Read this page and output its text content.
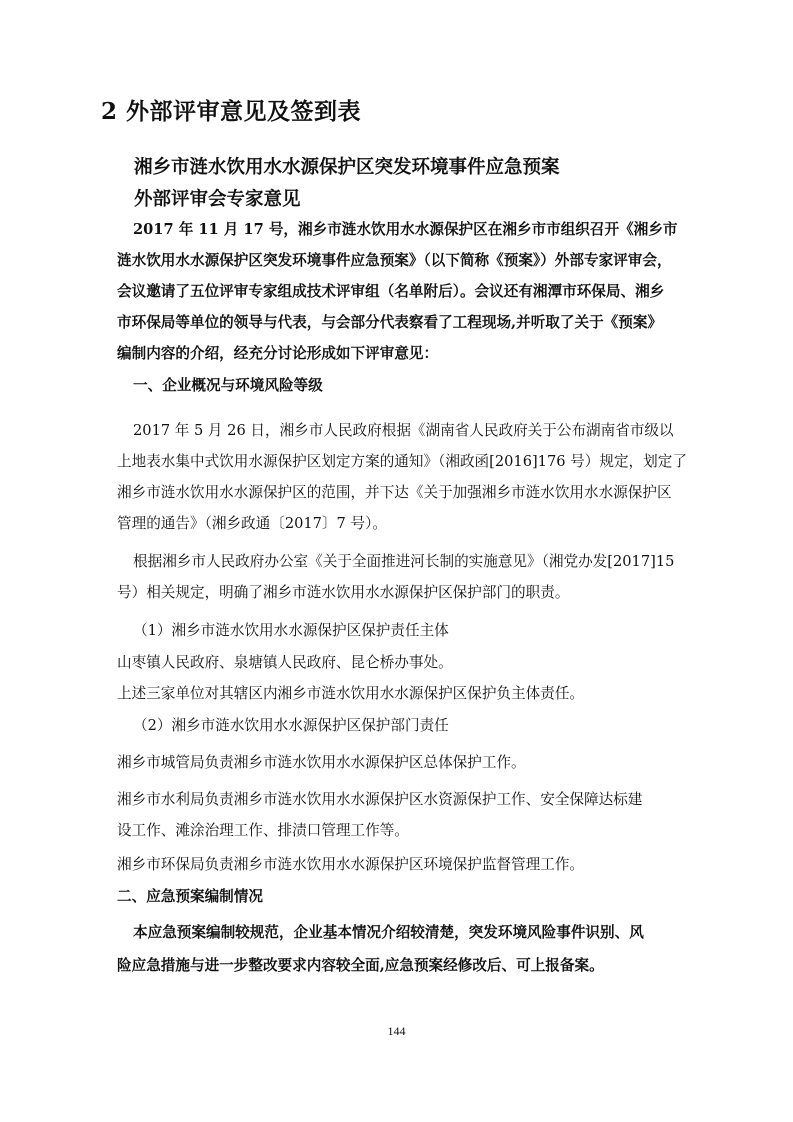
2 外部评审意见及签到表
湘乡市涟水饮用水水源保护区突发环境事件应急预案
外部评审会专家意见
2017 年 11 月 17 号，湘乡市涟水饮用水水源保护区在湘乡市市组织召开《湘乡市
涟水饮用水水源保护区突发环境事件应急预案》（以下简称《预案》）外部专家评审会，
会议邀请了五位评审专家组成技术评审组（名单附后）。会议还有湘潭市环保局、湘乡
市环保局等单位的领导与代表，与会部分代表察看了工程现场,并听取了关于《预案》
编制内容的介绍，经充分讨论形成如下评审意见：
一、企业概况与环境风险等级
2017 年 5 月 26 日，湘乡市人民政府根据《湖南省人民政府关于公布湖南省市级以
上地表水集中式饮用水源保护区划定方案的通知》（湘政函[2016]176 号）规定，划定了
湘乡市涟水饮用水水源保护区的范围，并下达《关于加强湘乡市涟水饮用水水源保护区
管理的通告》（湘乡政通〔2017〕7 号）。
根据湘乡市人民政府办公室《关于全面推进河长制的实施意见》（湘党办发[2017]15
号）相关规定，明确了湘乡市涟水饮用水水源保护区保护部门的职责。
（1）湘乡市涟水饮用水水源保护区保护责任主体
山枣镇人民政府、泉塘镇人民政府、昆仑桥办事处。
上述三家单位对其辖区内湘乡市涟水饮用水水源保护区保护负主体责任。
（2）湘乡市涟水饮用水水源保护区保护部门责任
湘乡市城管局负责湘乡市涟水饮用水水源保护区总体保护工作。
湘乡市水利局负责湘乡市涟水饮用水水源保护区水资源保护工作、安全保障达标建
设工作、滩涂治理工作、排渍口管理工作等。
湘乡市环保局负责湘乡市涟水饮用水水源保护区环境保护监督管理工作。
二、应急预案编制情况
本应急预案编制较规范，企业基本情况介绍较清楚，突发环境风险事件识别、风
险应急措施与进一步整改要求内容较全面,应急预案经修改后、可上报备案。
144
